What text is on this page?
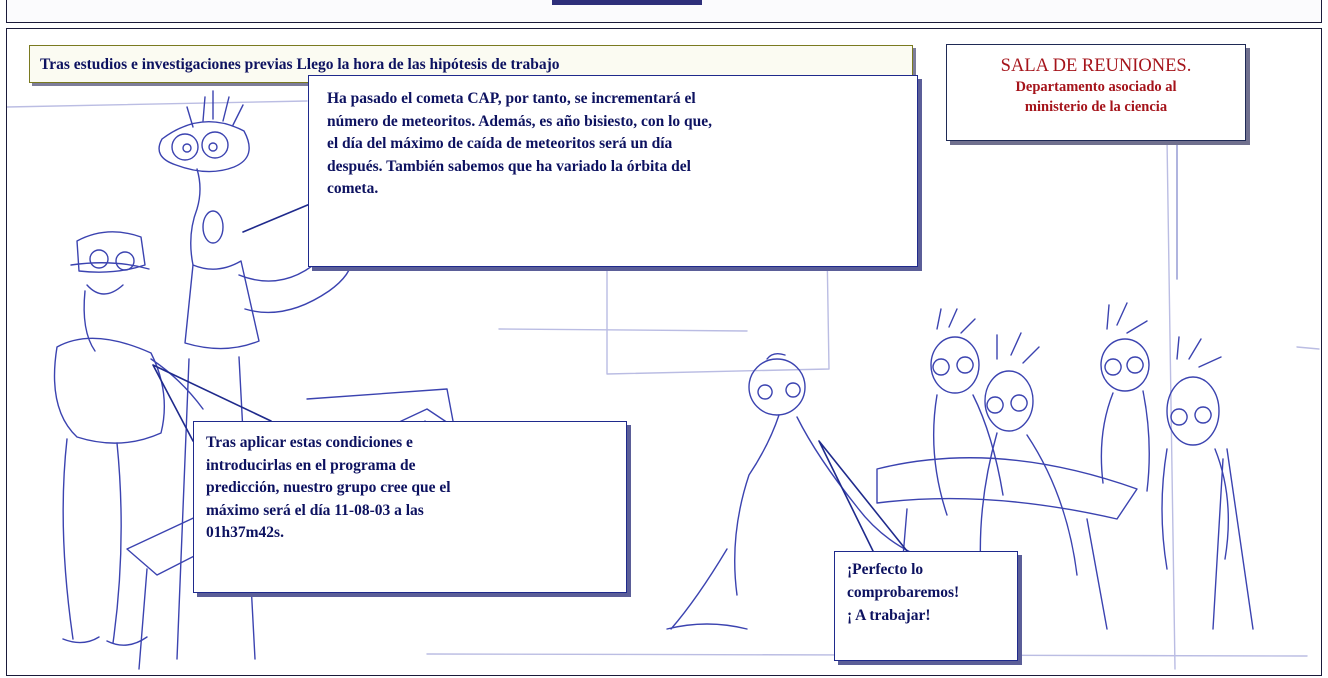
Tras estudios e investigaciones previas Llego la hora de las hipótesis de trabajo	SALA DE REUNIONES.
Departamento asociado al
ministerio de la ciencia
Ha pasado el cometa CAP, por tanto, se incrementará el
número de meteoritos. Además, es año bisiesto, con lo que,
el día del máximo de caída de meteoritos será un día
después. También sabemos que ha variado la órbita del
cometa.
Tras aplicar estas condiciones e
introducirlas en el programa de
predicción, nuestro grupo cree que el
máximo será el día 11-08-03 a las
01h37m42s.
¡Perfecto lo
comprobaremos!
¡ A trabajar!
